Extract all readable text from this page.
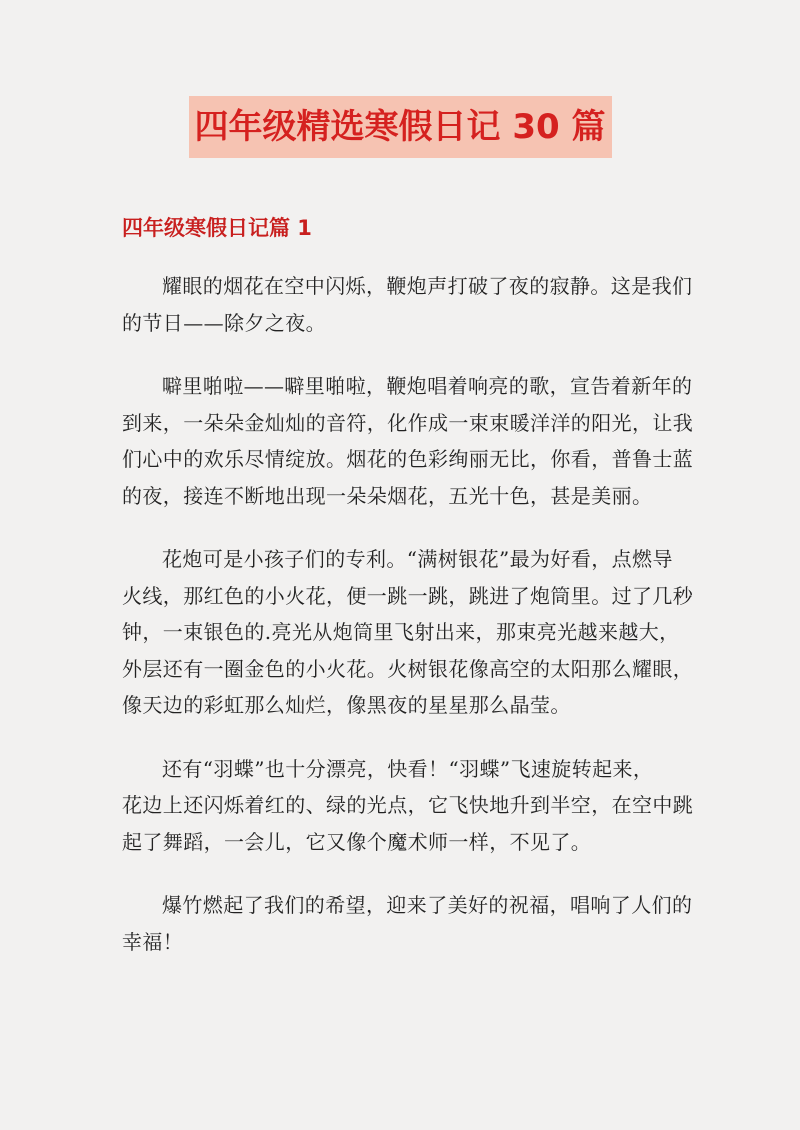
四年级精选寒假日记 30 篇
四年级寒假日记篇 1
耀眼的烟花在空中闪烁，鞭炮声打破了夜的寂静。这是我们
的节日——除夕之夜。
噼里啪啦——噼里啪啦，鞭炮唱着响亮的歌，宣告着新年的
到来，一朵朵金灿灿的音符，化作成一束束暖洋洋的阳光，让我
们心中的欢乐尽情绽放。烟花的色彩绚丽无比，你看，普鲁士蓝
的夜，接连不断地出现一朵朵烟花，五光十色，甚是美丽。
花炮可是小孩子们的专利。“满树银花”最为好看，点燃导
火线，那红色的小火花，便一跳一跳，跳进了炮筒里。过了几秒
钟，一束银色的.亮光从炮筒里飞射出来，那束亮光越来越大，
外层还有一圈金色的小火花。火树银花像高空的太阳那么耀眼，
像天边的彩虹那么灿烂，像黑夜的星星那么晶莹。
还有“羽蝶”也十分漂亮，快看！“羽蝶”飞速旋转起来，
花边上还闪烁着红的、绿的光点，它飞快地升到半空，在空中跳
起了舞蹈，一会儿，它又像个魔术师一样，不见了。
爆竹燃起了我们的希望，迎来了美好的祝福，唱响了人们的
幸福！
